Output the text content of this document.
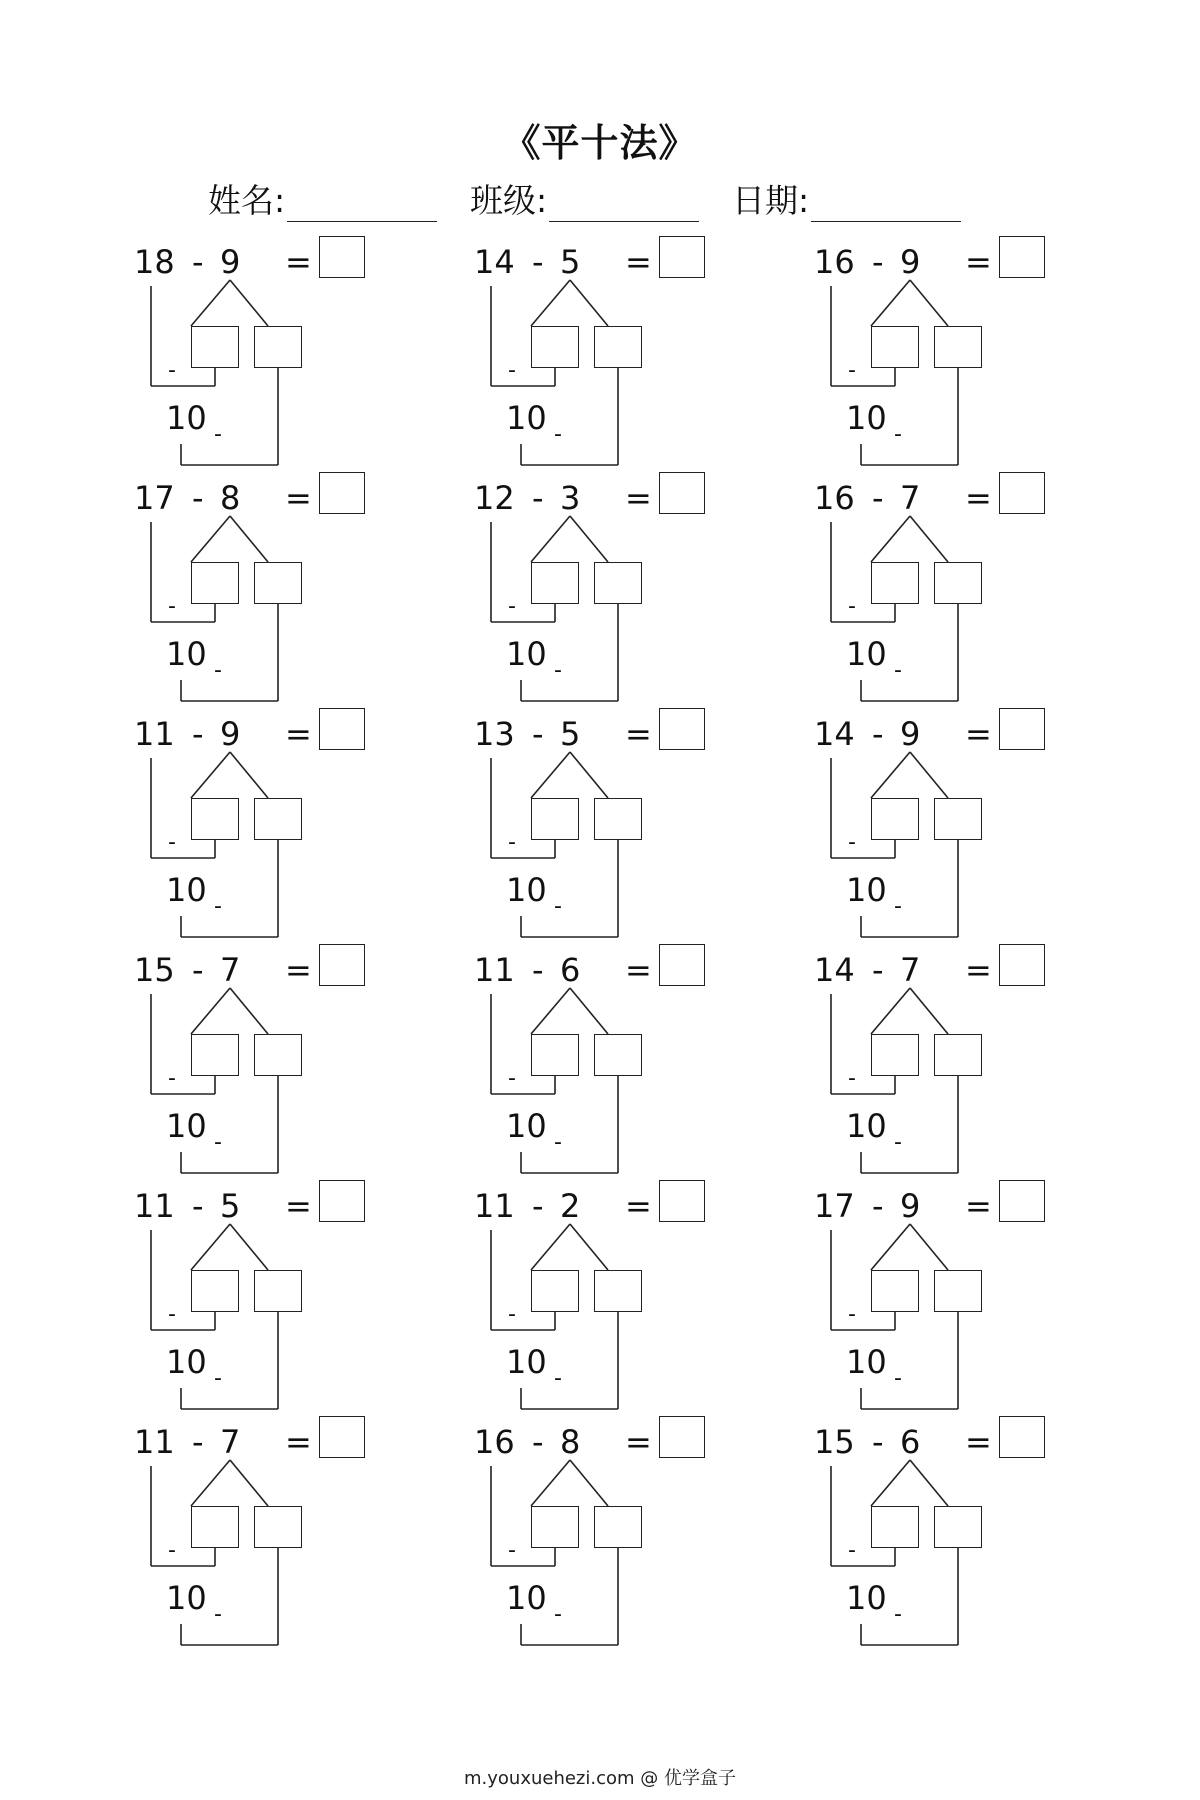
《平十法》
姓名:	班级:	日期:
18 - 9 =
-
10 -
14 - 5 =
-
10 -
16 - 9 =
-
10 -
17 - 8 =
-
10 -
12 - 3 =
-
10 -
16 - 7 =
-
10 -
11 - 9 =
-
10 -
13 - 5 =
-
10 -
14 - 9 =
-
10 -
15 - 7 =
-
10 -
11 - 6 =
-
10 -
14 - 7 =
-
10 -
11 - 5 =
-
10 -
11 - 2 =
-
10 -
17 - 9 =
-
10 -
11 - 7 =
-
10 -
16 - 8 =
-
10 -
15 - 6 =
-
10 -
m.youxuehezi.com @ 优学盒子
